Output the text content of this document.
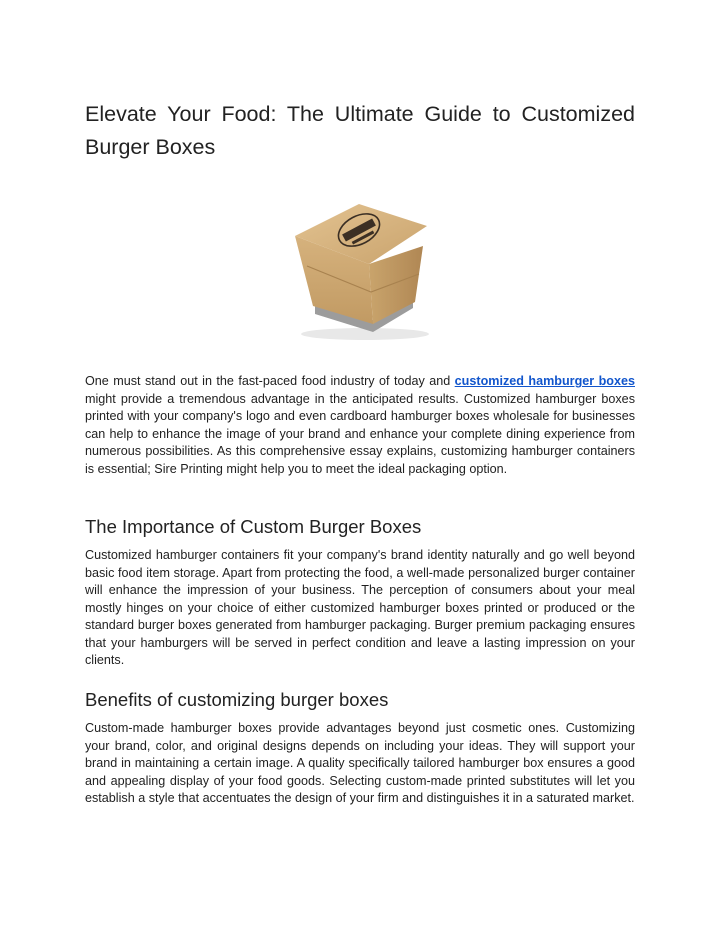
Elevate Your Food: The Ultimate Guide to Customized Burger Boxes

One must stand out in the fast-paced food industry of today and customized hamburger boxes might provide a tremendous advantage in the anticipated results. Customized hamburger boxes printed with your company's logo and even cardboard hamburger boxes wholesale for businesses can help to enhance the image of your brand and enhance your complete dining experience from numerous possibilities. As this comprehensive essay explains, customizing hamburger containers is essential; Sire Printing might help you to meet the ideal packaging option.

The Importance of Custom Burger Boxes

Customized hamburger containers fit your company's brand identity naturally and go well beyond basic food item storage. Apart from protecting the food, a well-made personalized burger container will enhance the impression of your business. The perception of consumers about your meal mostly hinges on your choice of either customized hamburger boxes printed or produced or the standard burger boxes generated from hamburger packaging. Burger premium packaging ensures that your hamburgers will be served in perfect condition and leave a lasting impression on your clients.

Benefits of customizing burger boxes

Custom-made hamburger boxes provide advantages beyond just cosmetic ones. Customizing your brand, color, and original designs depends on including your ideas. They will support your brand in maintaining a certain image. A quality specifically tailored hamburger box ensures a good and appealing display of your food goods. Selecting custom-made printed substitutes will let you establish a style that accentuates the design of your firm and distinguishes it in a saturated market.
